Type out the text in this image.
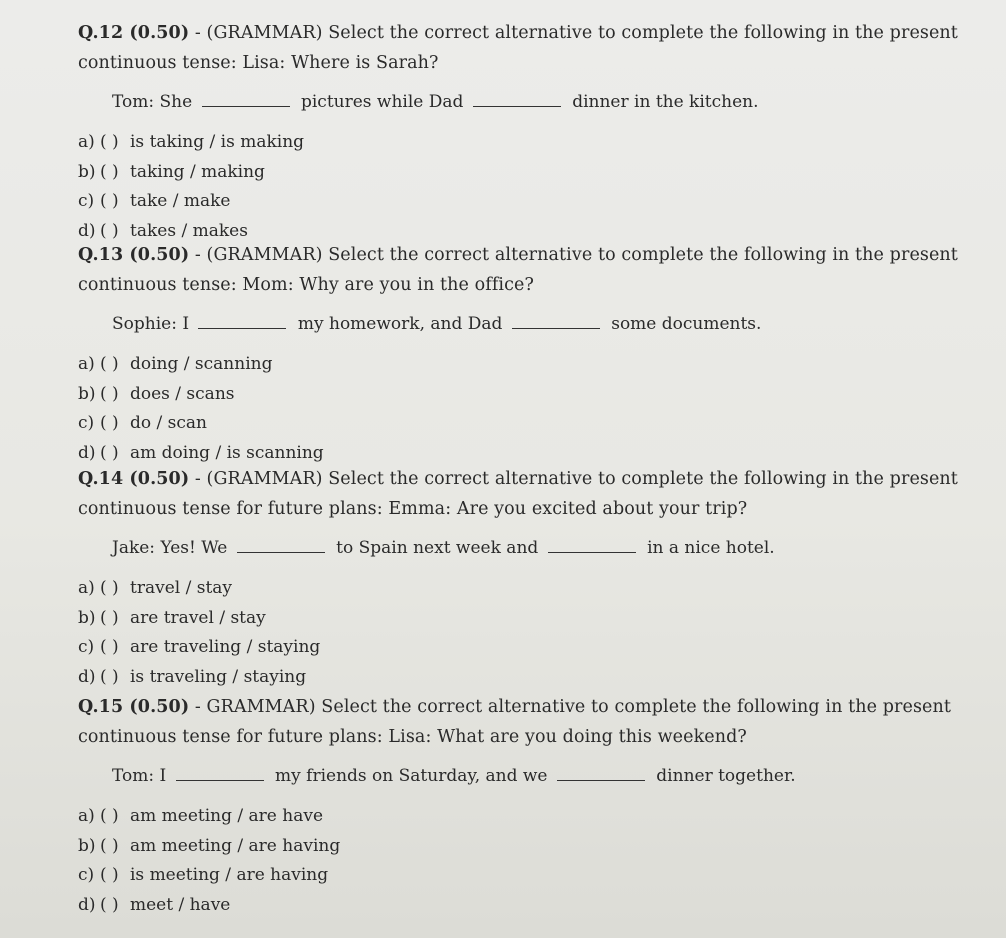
Q.12 (0.50) - (GRAMMAR) Select the correct alternative to complete the following in the present continuous tense: Lisa: Where is Sarah?

Tom: She	pictures while Dad	dinner in the kitchen.
a) ( ) is taking / is making
b) ( ) taking / making
c) ( ) take / make
d) ( ) takes / makes

Q.13 (0.50) - (GRAMMAR) Select the correct alternative to complete the following in the present continuous tense: Mom: Why are you in the office?

Sophie: I	my homework, and Dad	some documents.
a) ( ) doing / scanning
b) ( ) does / scans
c) ( ) do / scan
d) ( ) am doing / is scanning

Q.14 (0.50) - (GRAMMAR) Select the correct alternative to complete the following in the present continuous tense for future plans: Emma: Are you excited about your trip?

Jake: Yes! We	to Spain next week and	in a nice hotel.
a) ( ) travel / stay
b) ( ) are travel / stay
c) ( ) are traveling / staying
d) ( ) is traveling / staying

Q.15 (0.50) - GRAMMAR) Select the correct alternative to complete the following in the present continuous tense for future plans: Lisa: What are you doing this weekend?

Tom: I	my friends on Saturday, and we	dinner together.
a) ( ) am meeting / are have
b) ( ) am meeting / are having
c) ( ) is meeting / are having
d) ( ) meet / have
